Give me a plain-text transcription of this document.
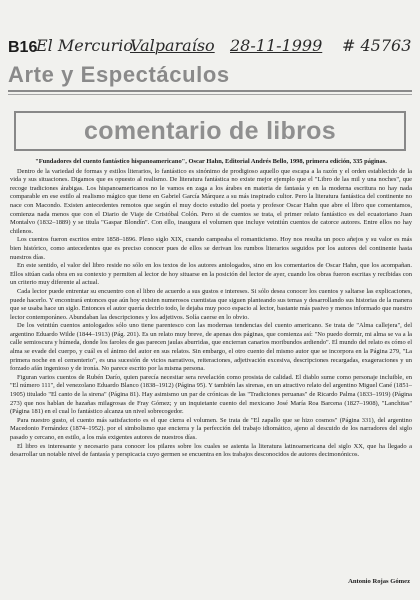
B16
El Mercurio
Valparaíso 28-11-1999 # 45763
Arte y Espectáculos
comentario de libros

"Fundadores del cuento fantástico hispanoamericano", Oscar Hahn, Editorial Andrés Bello, 1998, primera edición, 335 páginas.

Dentro de la variedad de formas y estilos literarios, lo fantástico es sinónimo de prodigioso aquello que escapa a la razón y el orden establecido de la vida y sus situaciones. Digamos que es opuesto al realismo. De literatura fantástica no existe mejor ejemplo que el "Libro de las mil y una noches", que recoge tradiciones árabigas. Los hispanoamericanos no le vamos en zaga a los árabes en materia de fantasía y en la moderna escritura no hay nada comparable en ese estilo al realismo mágico que tiene en Gabriel García Márquez a su más inspirado cultor. Pero la literatura fantástica del continente no nace con Macondo. Existen antecedentes remotos que según el muy docto estudio del poeta y profesor Oscar Hahn que abre el libro que comentamos, comienza nada menos que con el Diario de Viaje de Cristóbal Colón. Pero si de cuentos se trata, el primer relato fantástico es del ecuatoriano Juan Montalvo (1832–1889) y se titula "Gaspar Blondín". Con ello, inaugura el volumen que incluye veintiún cuentos de catorce autores. Entre ellos no hay chilenos.

Los cuentos fueron escritos entre 1858–1896. Pleno siglo XIX, cuando campeaba el romanticismo. Hoy nos resulta un poco añejos y su valor es más bien histórico, como antecedentes que es preciso conocer pues de ellos se derivan los rumbos literarios seguidos por los autores del continente hasta nuestros días.

En este sentido, el valor del libro reside no sólo en los textos de los autores antologados, sino en los comentarios de Oscar Hahn, que los acompañan. Ellos sitúan cada obra en su contexto y permiten al lector de hoy situarse en la posición del lector de ayer, cuando los obras fueron escritas y recibidas con un criterio muy diferente al actual.

Cada lector puede entrentar su encuentro con el libro de acuerdo a sus gustos e intereses. Si sólo desea conocer los cuentos y saltarse las explicaciones, puede hacerlo. Y encontrará entonces que aún hoy existen numerosos cuentistas que siguen planteando sus temas y desarrollando sus historias de la manera que se usaba hace un siglo. Entonces el autor quería decirlo todo, le dejaba muy poco espacio al lector, bastante más pasivo y menos informado que nuestro lector contemporáneo. Abundaban las descripciones y los adjetivos. Solía caerse en lo obvio.

De los veintiún cuentos antologados sólo uno tiene parentesco con las modernas tendencias del cuento americano. Se trata de "Alma callejera", del argentino Eduardo Wilde (1844–1913) (Pág. 201). Es un relato muy breve, de apenas dos páginas, que comienza así: "No puedo dormir, mi alma se va a la calle semioscura y húmeda, donde los faroles de gas parecen jaulas aburridas, que encierran canarios moribundos ardiendo". El mundo del relato es cómo el alma se evade del cuerpo, y cuál es el ánimo del autor en sus relatos. Sin embargo, el otro cuento del mismo autor que se incorpora en la Página 279, "La primera noche en el cementerio", es una sucesión de vicios narrativos, reiteraciones, adjetivación excesiva, descripciones recargadas, exageraciones y un forzado afán ingenioso y de ironía. No parece escrito por la misma persona.

Figuran varios cuentos de Rubén Darío, quien parecía necesitar sera revelación como prosista de calidad. El diablo sume como personaje incluible, en "El número 111", del venezolano Eduardo Blanco (1838–1912) (Página 95). Y también las sirenas, en un atractivo relato del argentino Miguel Cané (1851–1905) titulado "El canto de la sirena" (Página 81). Hay asimismo un par de crónicas de las "Tradiciones peruanas" de Ricardo Palma (1833–1919) (Página 273) que nos hablan de hazañas milagrosas de Fray Gómez; y un inquietante cuento del mexicano José María Roa Barcena (1827–1908), "Lanchitas" (Página 181) en el cual lo fantástico alcanza un nivel sobrecogedor.

Para nuestro gusto, el cuento más satisfactorio es el que cierra el volumen. Se trata de "El zapallo que se hizo cosmos" (Página 331), del argentino Macedonio Fernández (1874–1952). por el simbolismo que encierra y la perfección del trabajo idiomático, ajeno al descuido de los narradores del siglo pasado y cercano, en estilo, a los más exigentes autores de nuestros días.

El libro es interesante y necesario para conocer los pilares sobre los cuales se asienta la literatura latinoamericana del siglo XX, que ha llegado a desarrollar un notable nivel de fantasía y perspicacia cuyo germen se encuentra en los trabajos desconocidos de autores decimonónicos.

Antonio Rojas Gómez
